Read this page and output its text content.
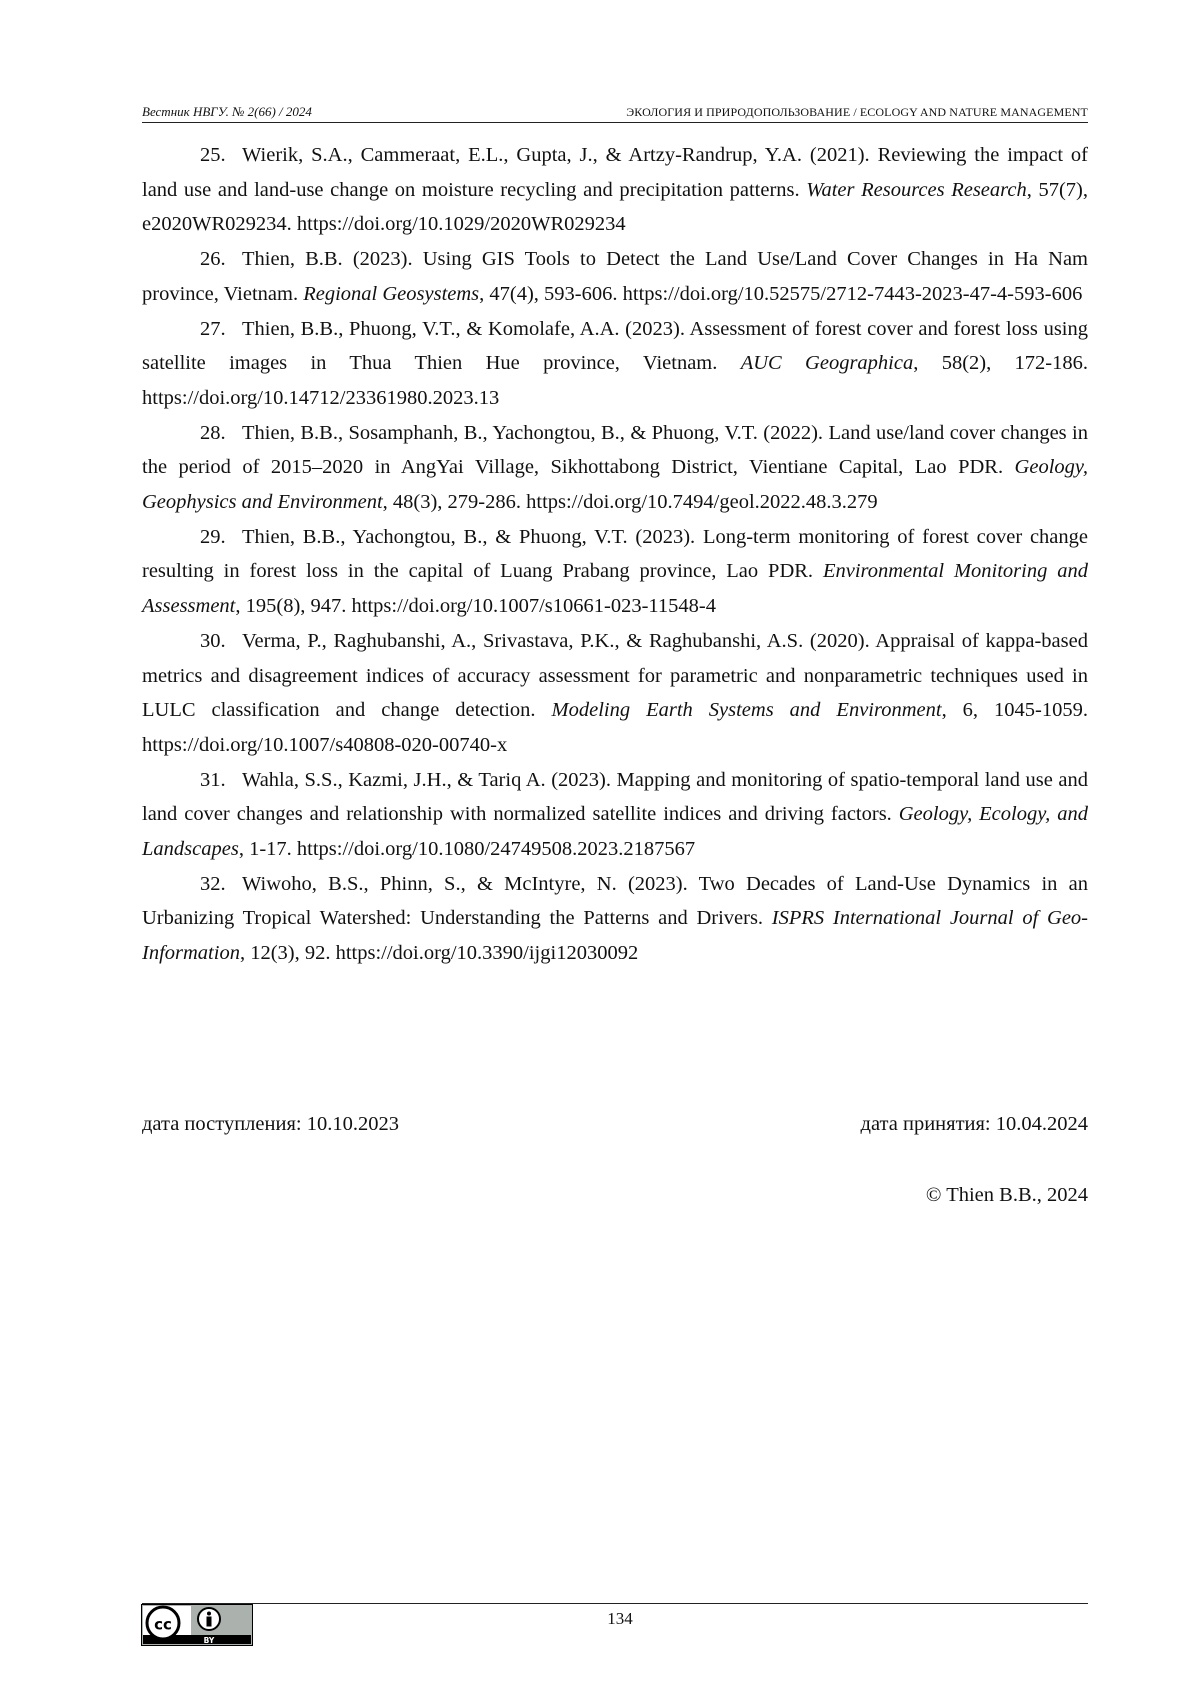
Вестник НВГУ. № 2(66) / 2024	ЭКОЛОГИЯ И ПРИРОДОПОЛЬЗОВАНИЕ / ECOLOGY AND NATURE MANAGEMENT

25. Wierik, S.A., Cammeraat, E.L., Gupta, J., & Artzy-Randrup, Y.A. (2021). Reviewing the impact of land use and land-use change on moisture recycling and precipitation patterns. Water Resources Research, 57(7), e2020WR029234. https://doi.org/10.1029/2020WR029234

26. Thien, B.B. (2023). Using GIS Tools to Detect the Land Use/Land Cover Changes in Ha Nam province, Vietnam. Regional Geosystems, 47(4), 593-606. https://doi.org/10.52575/2712-7443-2023-47-4-593-606

27. Thien, B.B., Phuong, V.T., & Komolafe, A.A. (2023). Assessment of forest cover and forest loss using satellite images in Thua Thien Hue province, Vietnam. AUC Geographica, 58(2), 172-186. https://doi.org/10.14712/23361980.2023.13

28. Thien, B.B., Sosamphanh, B., Yachongtou, B., & Phuong, V.T. (2022). Land use/land cover changes in the period of 2015–2020 in AngYai Village, Sikhottabong District, Vientiane Capital, Lao PDR. Geology, Geophysics and Environment, 48(3), 279-286. https://doi.org/10.7494/geol.2022.48.3.279

29. Thien, B.B., Yachongtou, B., & Phuong, V.T. (2023). Long-term monitoring of forest cover change resulting in forest loss in the capital of Luang Prabang province, Lao PDR. Environmental Monitoring and Assessment, 195(8), 947. https://doi.org/10.1007/s10661-023-11548-4

30. Verma, P., Raghubanshi, A., Srivastava, P.K., & Raghubanshi, A.S. (2020). Appraisal of kappa-based metrics and disagreement indices of accuracy assessment for parametric and nonparametric techniques used in LULC classification and change detection. Modeling Earth Systems and Environment, 6, 1045-1059. https://doi.org/10.1007/s40808-020-00740-x

31. Wahla, S.S., Kazmi, J.H., & Tariq A. (2023). Mapping and monitoring of spatio-temporal land use and land cover changes and relationship with normalized satellite indices and driving factors. Geology, Ecology, and Landscapes, 1-17. https://doi.org/10.1080/24749508.2023.2187567

32. Wiwoho, B.S., Phinn, S., & McIntyre, N. (2023). Two Decades of Land-Use Dynamics in an Urbanizing Tropical Watershed: Understanding the Patterns and Drivers. ISPRS International Journal of Geo-Information, 12(3), 92. https://doi.org/10.3390/ijgi12030092

дата поступления: 10.10.2023	дата принятия: 10.04.2024
© Thien B.B., 2024
cc
BY
134
